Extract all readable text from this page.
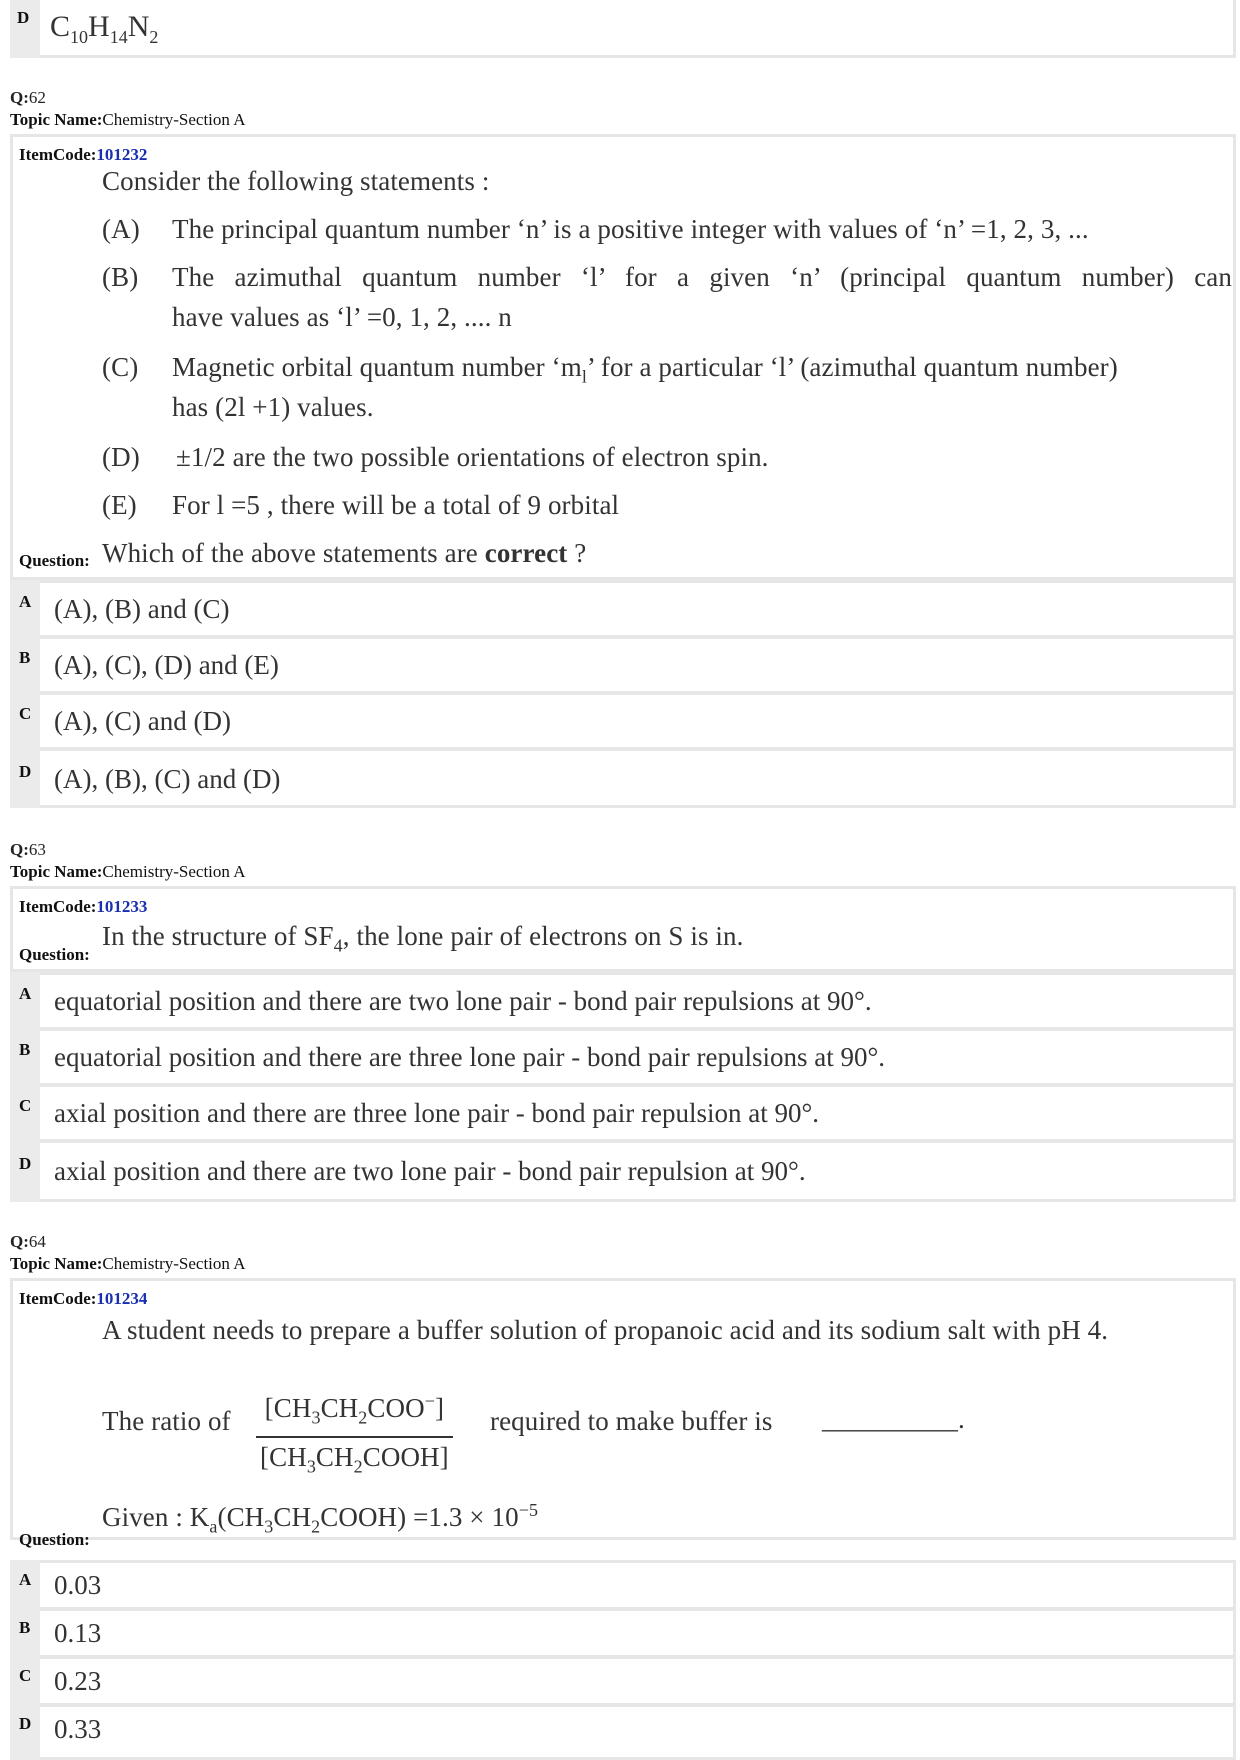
D $C_{10}H_{14}N_2$
Q:62
Topic Name:Chemistry-Section A
ItemCode:101232
Consider the following statements :
(A) The principal quantum number ‘n’ is a positive integer with values of ‘n’ =1, 2, 3, ...
(B) The azimuthal quantum number ‘l’ for a given ‘n’ (principal quantum number) can
have values as ‘l’ =0, 1, 2, .... n
(C) Magnetic orbital quantum number ‘$m_l$’ for a particular ‘l’ (azimuthal quantum number)
has (2l +1) values.
(D) ±1/2 are the two possible orientations of electron spin.
(E) For l =5 , there will be a total of 9 orbital
Question: Which of the above statements are correct ?
A (A), (B) and (C)
B (A), (C), (D) and (E)
C (A), (C) and (D)
D (A), (B), (C) and (D)
Q:63
Topic Name:Chemistry-Section A
ItemCode:101233
In the structure of $SF_4$, the lone pair of electrons on S is in.
Question:
A equatorial position and there are two lone pair - bond pair repulsions at 90°.
B equatorial position and there are three lone pair - bond pair repulsions at 90°.
C axial position and there are three lone pair - bond pair repulsion at 90°.
D axial position and there are two lone pair - bond pair repulsion at 90°.
Q:64
Topic Name:Chemistry-Section A
ItemCode:101234
A student needs to prepare a buffer solution of propanoic acid and its sodium salt with pH 4.
The ratio of	$[CH_3CH_2COO^-]$
$[CH_3CH_2COOH]$
required to make buffer is __________.
Given : $K_a(CH_3CH_2COOH) =1.3 \times 10^{-5}$
Question:
A 0.03
B 0.13
C 0.23
D 0.33
